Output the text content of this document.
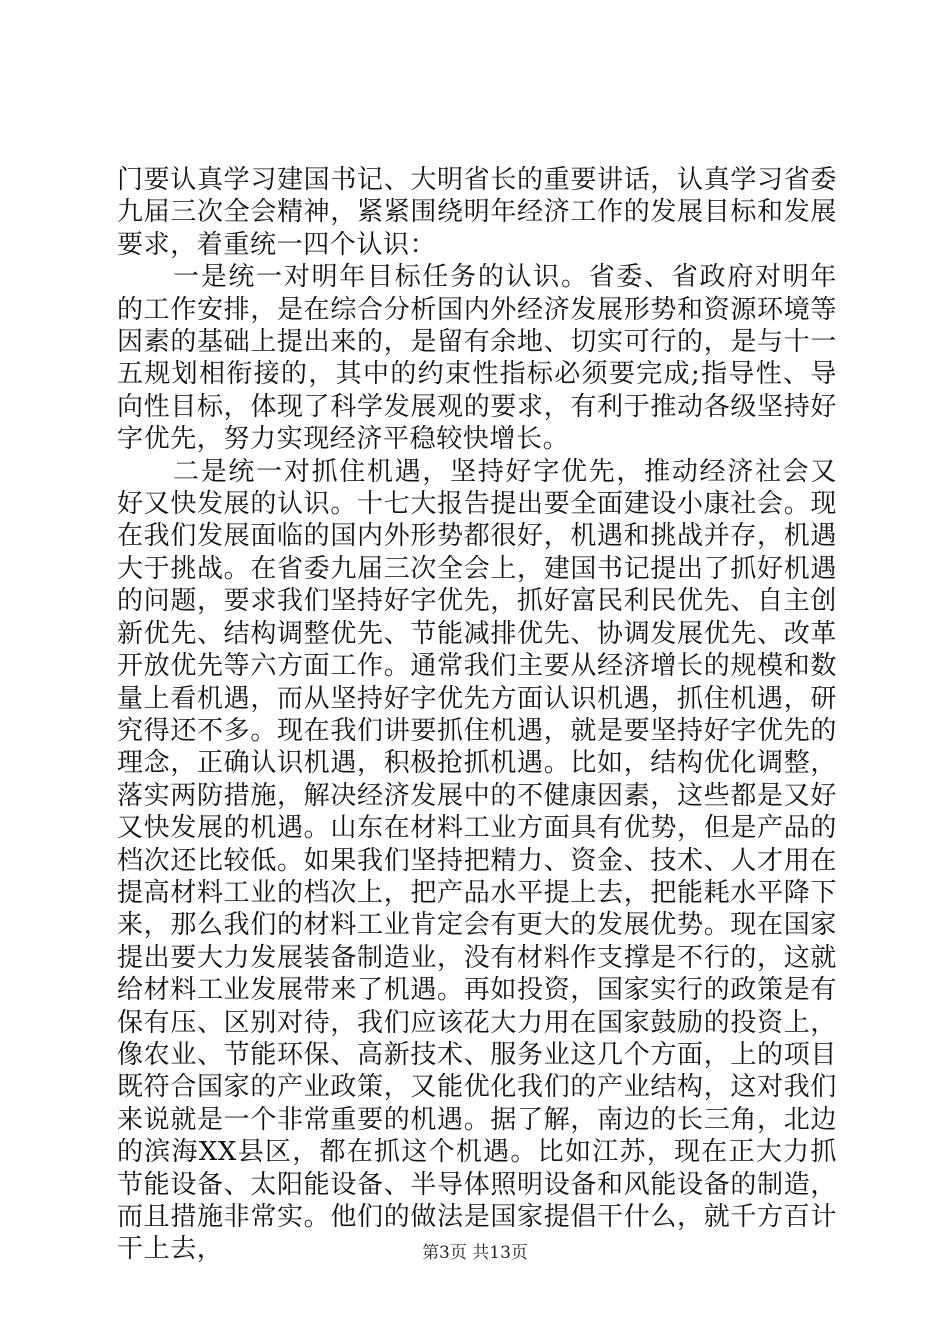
门要认真学习建国书记、大明省长的重要讲话，认真学习省委九届三次全会精神，紧紧围绕明年经济工作的发展目标和发展要求，着重统一四个认识：

一是统一对明年目标任务的认识。省委、省政府对明年的工作安排，是在综合分析国内外经济发展形势和资源环境等因素的基础上提出来的，是留有余地、切实可行的，是与十一五规划相衔接的，其中的约束性指标必须要完成;指导性、导向性目标，体现了科学发展观的要求，有利于推动各级坚持好字优先，努力实现经济平稳较快增长。

二是统一对抓住机遇，坚持好字优先，推动经济社会又好又快发展的认识。十七大报告提出要全面建设小康社会。现在我们发展面临的国内外形势都很好，机遇和挑战并存，机遇大于挑战。在省委九届三次全会上，建国书记提出了抓好机遇的问题，要求我们坚持好字优先，抓好富民利民优先、自主创新优先、结构调整优先、节能减排优先、协调发展优先、改革开放优先等六方面工作。通常我们主要从经济增长的规模和数量上看机遇，而从坚持好字优先方面认识机遇，抓住机遇，研究得还不多。现在我们讲要抓住机遇，就是要坚持好字优先的理念，正确认识机遇，积极抢抓机遇。比如，结构优化调整，落实两防措施，解决经济发展中的不健康因素，这些都是又好又快发展的机遇。山东在材料工业方面具有优势，但是产品的档次还比较低。如果我们坚持把精力、资金、技术、人才用在提高材料工业的档次上，把产品水平提上去，把能耗水平降下来，那么我们的材料工业肯定会有更大的发展优势。现在国家提出要大力发展装备制造业，没有材料作支撑是不行的，这就给材料工业发展带来了机遇。再如投资，国家实行的政策是有保有压、区别对待，我们应该花大力用在国家鼓励的投资上，像农业、节能环保、高新技术、服务业这几个方面，上的项目既符合国家的产业政策，又能优化我们的产业结构，这对我们来说就是一个非常重要的机遇。据了解，南边的长三角，北边的滨海XX县区，都在抓这个机遇。比如江苏，现在正大力抓节能设备、太阳能设备、半导体照明设备和风能设备的制造，而且措施非常实。他们的做法是国家提倡干什么，就千方百计干上去，	第3页 共13页
